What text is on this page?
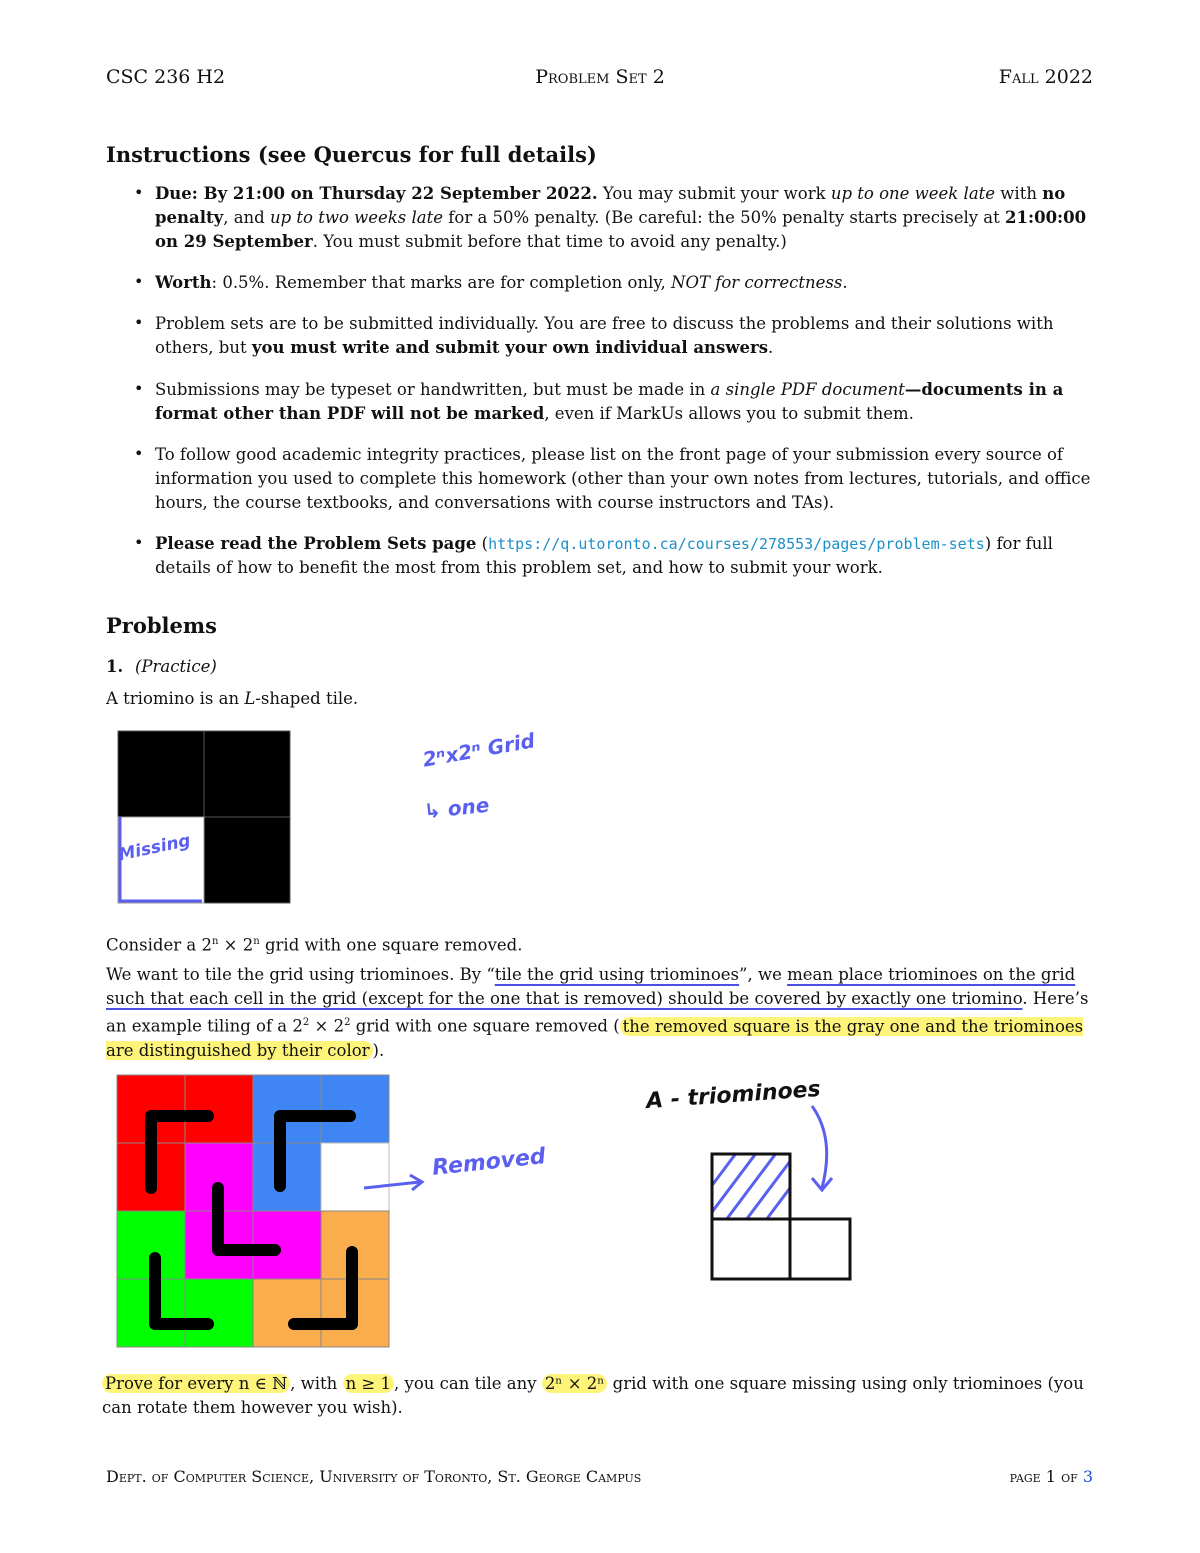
CSC 236 H2	Problem Set 2	Fall 2022
Instructions (see Quercus for full details)
• Due: By 21:00 on Thursday 22 September 2022. You may submit your work up to one week late with no penalty, and up to two weeks late for a 50% penalty. (Be careful: the 50% penalty starts precisely at 21:00:00 on 29 September. You must submit before that time to avoid any penalty.)
• Worth: 0.5%. Remember that marks are for completion only, NOT for correctness.
• Problem sets are to be submitted individually. You are free to discuss the problems and their solutions with others, but you must write and submit your own individual answers.
• Submissions may be typeset or handwritten, but must be made in a single PDF document—documents in a format other than PDF will not be marked, even if MarkUs allows you to submit them.
• To follow good academic integrity practices, please list on the front page of your submission every source of information you used to complete this homework (other than your own notes from lectures, tutorials, and office hours, the course textbooks, and conversations with course instructors and TAs).
• Please read the Problem Sets page (https://q.utoronto.ca/courses/278553/pages/problem-sets) for full details of how to benefit the most from this problem set, and how to submit your work.
Problems
1. (Practice)
A triomino is an L-shaped tile.
Missing
2ⁿx2ⁿ Grid
↳ one
Consider a $2^n \times 2^n$ grid with one square removed.
We want to tile the grid using triominoes. By “tile the grid using triominoes”, we mean place triominoes on the grid such that each cell in the grid (except for the one that is removed) should be covered by exactly one triomino. Here’s an example tiling of a $2^2 \times 2^2$ grid with one square removed ( the removed square is the gray one and the triominoes are distinguished by their color ).
Removed
A - triominoes
Prove for every n ∈ ℕ , with n ≥ 1 , you can tile any 2ⁿ × 2ⁿ grid with one square missing using only triominoes (you can rotate them however you wish).
Dept. of Computer Science, University of Toronto, St. George Campus	page 1 of 3
